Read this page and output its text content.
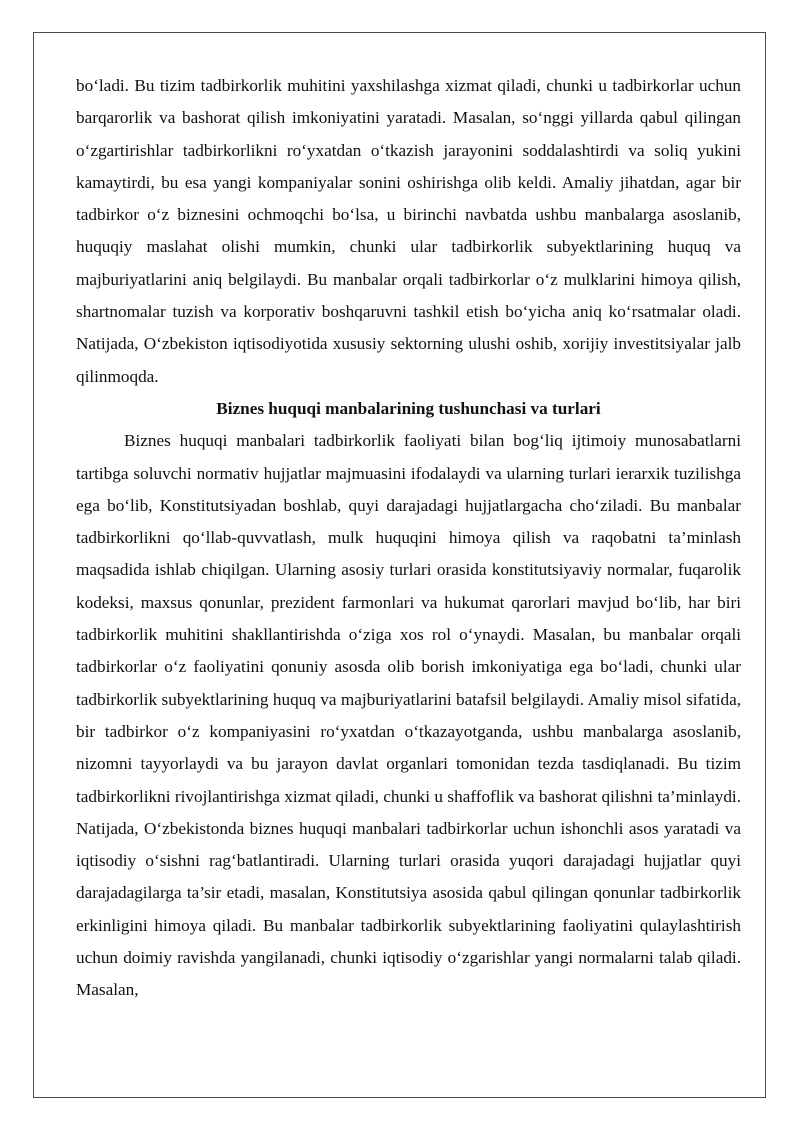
bo‘ladi. Bu tizim tadbirkorlik muhitini yaxshilashga xizmat qiladi, chunki u tadbirkorlar uchun barqarorlik va bashorat qilish imkoniyatini yaratadi. Masalan, so‘nggi yillarda qabul qilingan o‘zgartirishlar tadbirkorlikni ro‘yxatdan o‘tkazish jarayonini soddalashtirdi va soliq yukini kamaytirdi, bu esa yangi kompaniyalar sonini oshirishga olib keldi. Amaliy jihatdan, agar bir tadbirkor o‘z biznesini ochmoqchi bo‘lsa, u birinchi navbatda ushbu manbalarga asoslanib, huquqiy maslahat olishi mumkin, chunki ular tadbirkorlik subyektlarining huquq va majburiyatlarini aniq belgilaydi. Bu manbalar orqali tadbirkorlar o‘z mulklarini himoya qilish, shartnomalar tuzish va korporativ boshqaruvni tashkil etish bo‘yicha aniq ko‘rsatmalar oladi. Natijada, O‘zbekiston iqtisodiyotida xususiy sektorning ulushi oshib, xorijiy investitsiyalar jalb qilinmoqda.

Biznes huquqi manbalarining tushunchasi va turlari

Biznes huquqi manbalari tadbirkorlik faoliyati bilan bog‘liq ijtimoiy munosabatlarni tartibga soluvchi normativ hujjatlar majmuasini ifodalaydi va ularning turlari ierarxik tuzilishga ega bo‘lib, Konstitutsiyadan boshlab, quyi darajadagi hujjatlargacha cho‘ziladi. Bu manbalar tadbirkorlikni qo‘llab-quvvatlash, mulk huquqini himoya qilish va raqobatni ta’minlash maqsadida ishlab chiqilgan. Ularning asosiy turlari orasida konstitutsiyaviy normalar, fuqarolik kodeksi, maxsus qonunlar, prezident farmonlari va hukumat qarorlari mavjud bo‘lib, har biri tadbirkorlik muhitini shakllantirishda o‘ziga xos rol o‘ynaydi. Masalan, bu manbalar orqali tadbirkorlar o‘z faoliyatini qonuniy asosda olib borish imkoniyatiga ega bo‘ladi, chunki ular tadbirkorlik subyektlarining huquq va majburiyatlarini batafsil belgilaydi. Amaliy misol sifatida, bir tadbirkor o‘z kompaniyasini ro‘yxatdan o‘tkazayotganda, ushbu manbalarga asoslanib, nizomni tayyorlaydi va bu jarayon davlat organlari tomonidan tezda tasdiqlanadi. Bu tizim tadbirkorlikni rivojlantirishga xizmat qiladi, chunki u shaffoflik va bashorat qilishni ta’minlaydi. Natijada, O‘zbekistonda biznes huquqi manbalari tadbirkorlar uchun ishonchli asos yaratadi va iqtisodiy o‘sishni rag‘batlantiradi. Ularning turlari orasida yuqori darajadagi hujjatlar quyi darajadagilarga ta’sir etadi, masalan, Konstitutsiya asosida qabul qilingan qonunlar tadbirkorlik erkinligini himoya qiladi. Bu manbalar tadbirkorlik subyektlarining faoliyatini qulaylashtirish uchun doimiy ravishda yangilanadi, chunki iqtisodiy o‘zgarishlar yangi normalarni talab qiladi. Masalan,
